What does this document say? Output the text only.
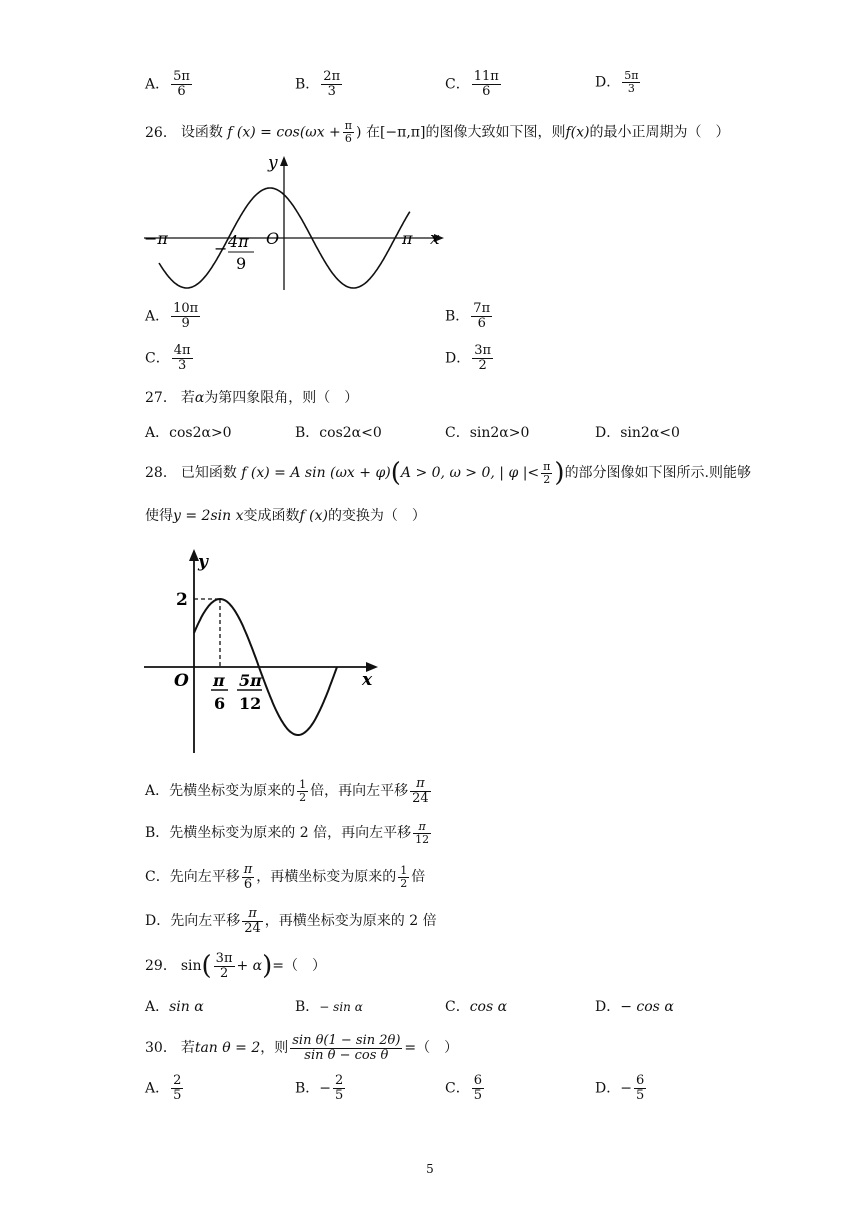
A． $\frac{5\pi}{6}$	B． $\frac{2\pi}{3}$	C． $\frac{11\pi}{6}$	D． $\frac{5\pi}{3}$
26． 设函数 f $(x) = \cos(\omega x + \frac{\pi}{6}$ ) 在[−π,π]的图像大致如下图，则f(x)的最小正周期为（　）
y
x
O
−π	π
− 4π
9
A． $\frac{10\pi}{9}$	B． $\frac{7\pi}{6}$
C． $\frac{4\pi}{3}$	D． $\frac{3\pi}{2}$
27． 若α为第四象限角，则（　）
A．cos2α>0	B．cos2α<0	C．sin2α>0	D．sin2α<0
28． 已知函数 f (x) = A sin (ωx + φ)(A > 0, ω > 0, | φ |< $\frac{\pi}{2}$ )的部分图像如下图所示.则能够
使得y = 2sin x变成函数f (x)的变换为（　）
y
x
O
2
π
6
5π
12
A．先横坐标变为原来的 $\frac{1}{2}$ 倍，再向左平移 $\frac{\pi}{24}$
B．先横坐标变为原来的 2 倍，再向左平移 $\frac{\pi}{12}$
C．先向左平移 $\frac{\pi}{6}$ ，再横坐标变为原来的 $\frac{1}{2}$ 倍
D．先向左平移 $\frac{\pi}{24}$ ，再横坐标变为原来的 2 倍
29． $\sin( \frac{3\pi}{2} + \alpha)=$（　）
A．sin α	B．− sin α	C．cos α	D．− cos α
30． 若tan θ = 2，则 $\frac{\text{sin θ(1 − sin 2θ)}}{\text{sin θ − cos θ}}$ =（　）
A． $\frac{2}{5}$	B．− $\frac{2}{5}$	C． $\frac{6}{5}$	D．− $\frac{6}{5}$
5
